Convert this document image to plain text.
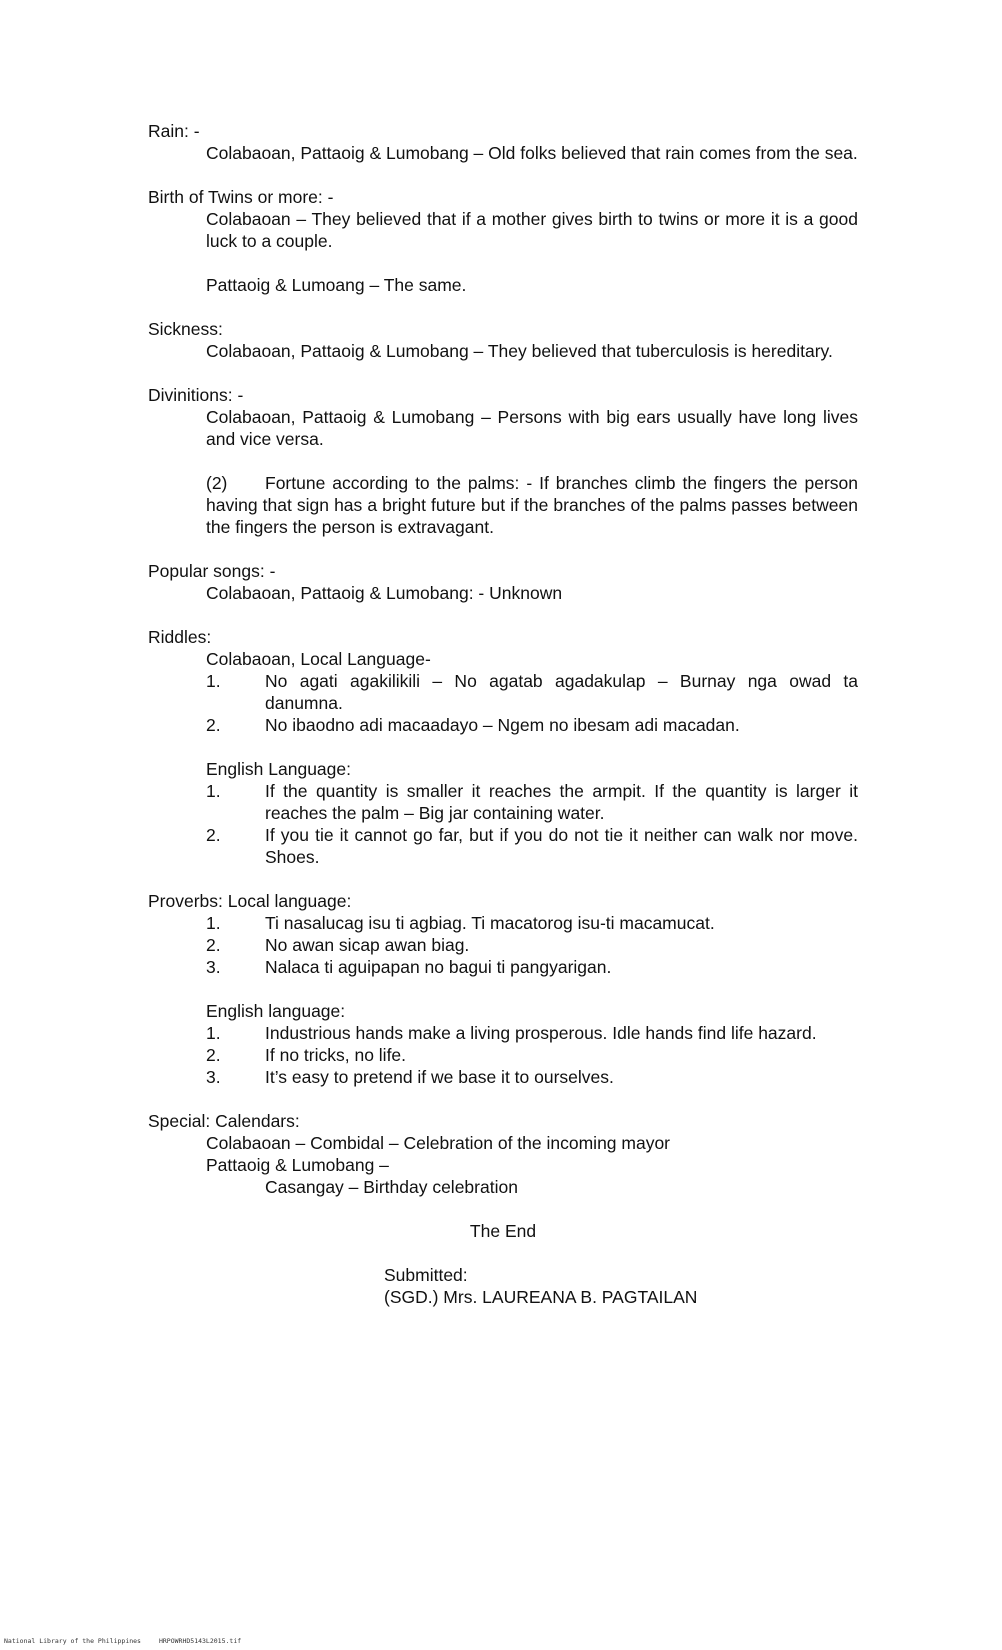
Rain: -
Colabaoan, Pattaoig & Lumobang – Old folks believed that rain comes from the sea.
Birth of Twins or more: -
Colabaoan – They believed that if a mother gives birth to twins or more it is a good luck to a couple.
Pattaoig & Lumoang – The same.
Sickness:
Colabaoan, Pattaoig & Lumobang – They believed that tuberculosis is hereditary.
Divinitions: -
Colabaoan, Pattaoig & Lumobang – Persons with big ears usually have long lives and vice versa.
(2) Fortune according to the palms: - If branches climb the fingers the person having that sign has a bright future but if the branches of the palms passes between the fingers the person is extravagant.
Popular songs: -
Colabaoan, Pattaoig & Lumobang: - Unknown
Riddles:
Colabaoan, Local Language-
1.	No agati agakilikili – No agatab agadakulap – Burnay nga owad ta danumna.
2.	No ibaodno adi macaadayo – Ngem no ibesam adi macadan.
English Language:
1.	If the quantity is smaller it reaches the armpit. If the quantity is larger it reaches the palm – Big jar containing water.
2.	If you tie it cannot go far, but if you do not tie it neither can walk nor move. Shoes.
Proverbs: Local language:
1.	Ti nasalucag isu ti agbiag. Ti macatorog isu-ti macamucat.
2.	No awan sicap awan biag.
3.	Nalaca ti aguipapan no bagui ti pangyarigan.
English language:
1.	Industrious hands make a living prosperous. Idle hands find life hazard.
2.	If no tricks, no life.
3.	It’s easy to pretend if we base it to ourselves.
Special: Calendars:
Colabaoan – Combidal – Celebration of the incoming mayor
Pattaoig & Lumobang –
Casangay – Birthday celebration
The End
Submitted:
(SGD.) Mrs. LAUREANA B. PAGTAILAN
National Library of the Philippines	HRPOWRHD5143L2015.tif
